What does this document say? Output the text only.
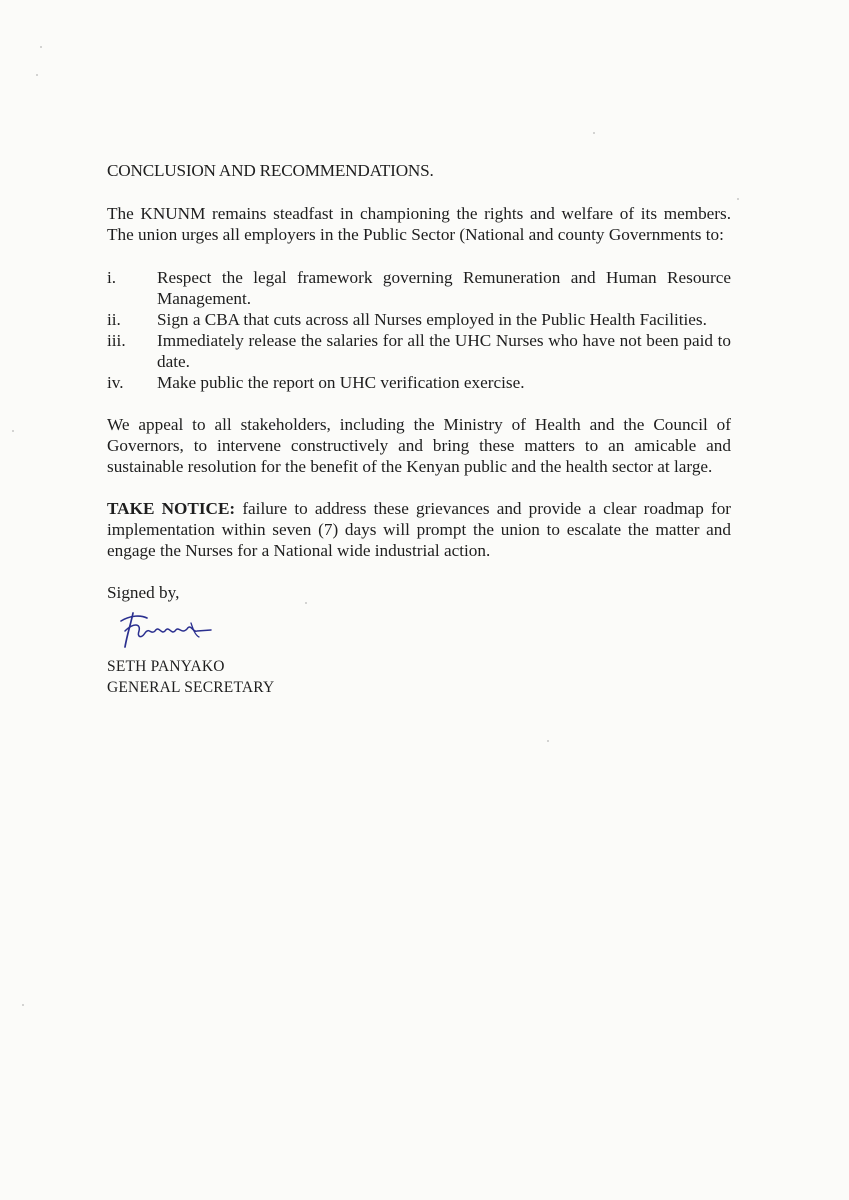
CONCLUSION AND RECOMMENDATIONS.

The KNUNM remains steadfast in championing the rights and welfare of its members. The union urges all employers in the Public Sector (National and county Governments to:

i.	Respect the legal framework governing Remuneration and Human Resource Management.
ii.	Sign a CBA that cuts across all Nurses employed in the Public Health Facilities.
iii.	Immediately release the salaries for all the UHC Nurses who have not been paid to date.
iv.	Make public the report on UHC verification exercise.

We appeal to all stakeholders, including the Ministry of Health and the Council of Governors, to intervene constructively and bring these matters to an amicable and sustainable resolution for the benefit of the Kenyan public and the health sector at large.

TAKE NOTICE: failure to address these grievances and provide a clear roadmap for implementation within seven (7) days will prompt the union to escalate the matter and engage the Nurses for a National wide industrial action.

Signed by,

SETH PANYAKO
GENERAL SECRETARY
